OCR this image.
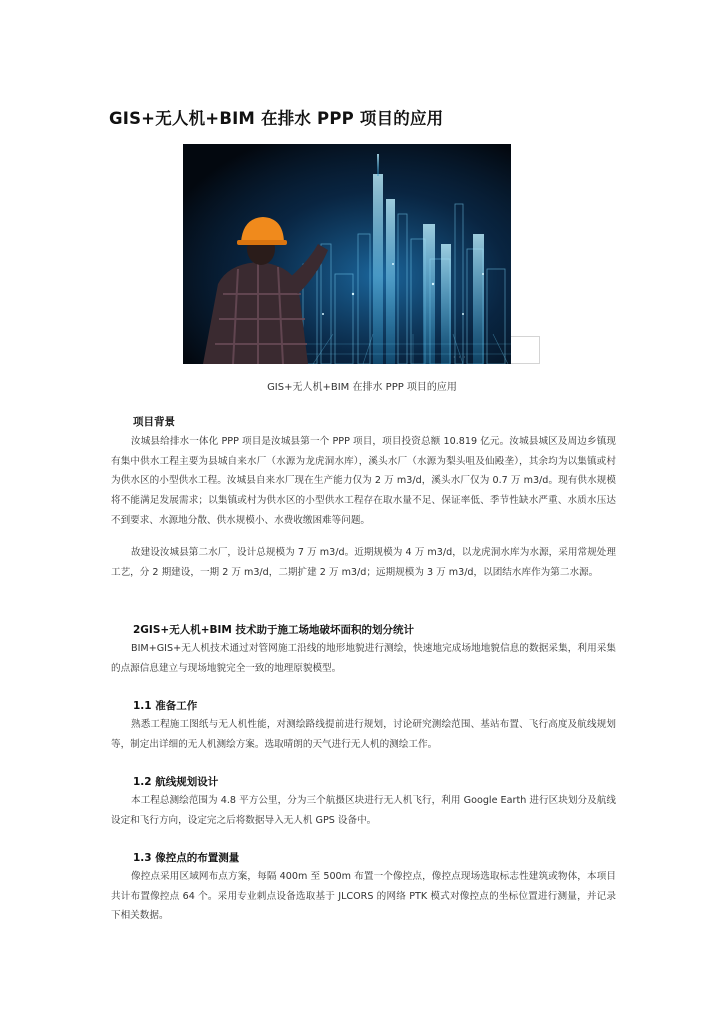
GIS+无人机+BIM 在排水 PPP 项目的应用
· · ·
GIS+无人机+BIM 在排水 PPP 项目的应用
项目背景
汝城县给排水一体化 PPP 项目是汝城县第一个 PPP 项目，项目投资总额 10.819 亿元。汝城县城区及周边乡镇现有集中供水工程主要为县城自来水厂（水源为龙虎洞水库），溪头水厂（水源为梨头咀及仙殿垄），其余均为以集镇或村为供水区的小型供水工程。汝城县自来水厂现在生产能力仅为 2 万 m3/d，溪头水厂仅为 0.7 万 m3/d。现有供水规模将不能满足发展需求；以集镇或村为供水区的小型供水工程存在取水量不足、保证率低、季节性缺水严重、水质水压达不到要求、水源地分散、供水规模小、水费收缴困难等问题。
故建设汝城县第二水厂，设计总规模为 7 万 m3/d。近期规模为 4 万 m3/d，以龙虎洞水库为水源，采用常规处理工艺，分 2 期建设，一期 2 万 m3/d，二期扩建 2 万 m3/d；远期规模为 3 万 m3/d，以团结水库作为第二水源。
2GIS+无人机+BIM 技术助于施工场地破坏面积的划分统计
BIM+GIS+无人机技术通过对管网施工沿线的地形地貌进行测绘，快速地完成场地地貌信息的数据采集，利用采集的点源信息建立与现场地貌完全一致的地理原貌模型。
1.1 准备工作
熟悉工程施工图纸与无人机性能，对测绘路线提前进行规划，讨论研究测绘范围、基站布置、飞行高度及航线规划等，制定出详细的无人机测绘方案。选取晴朗的天气进行无人机的测绘工作。
1.2 航线规划设计
本工程总测绘范围为 4.8 平方公里，分为三个航摄区块进行无人机飞行，利用 Google Earth 进行区块划分及航线设定和飞行方向，设定完之后将数据导入无人机 GPS 设备中。
1.3 像控点的布置测量
像控点采用区域网布点方案，每隔 400m 至 500m 布置一个像控点，像控点现场选取标志性建筑或物体，本项目共计布置像控点 64 个。采用专业刺点设备选取基于 JLCORS 的网络 PTK 模式对像控点的坐标位置进行测量，并记录下相关数据。
